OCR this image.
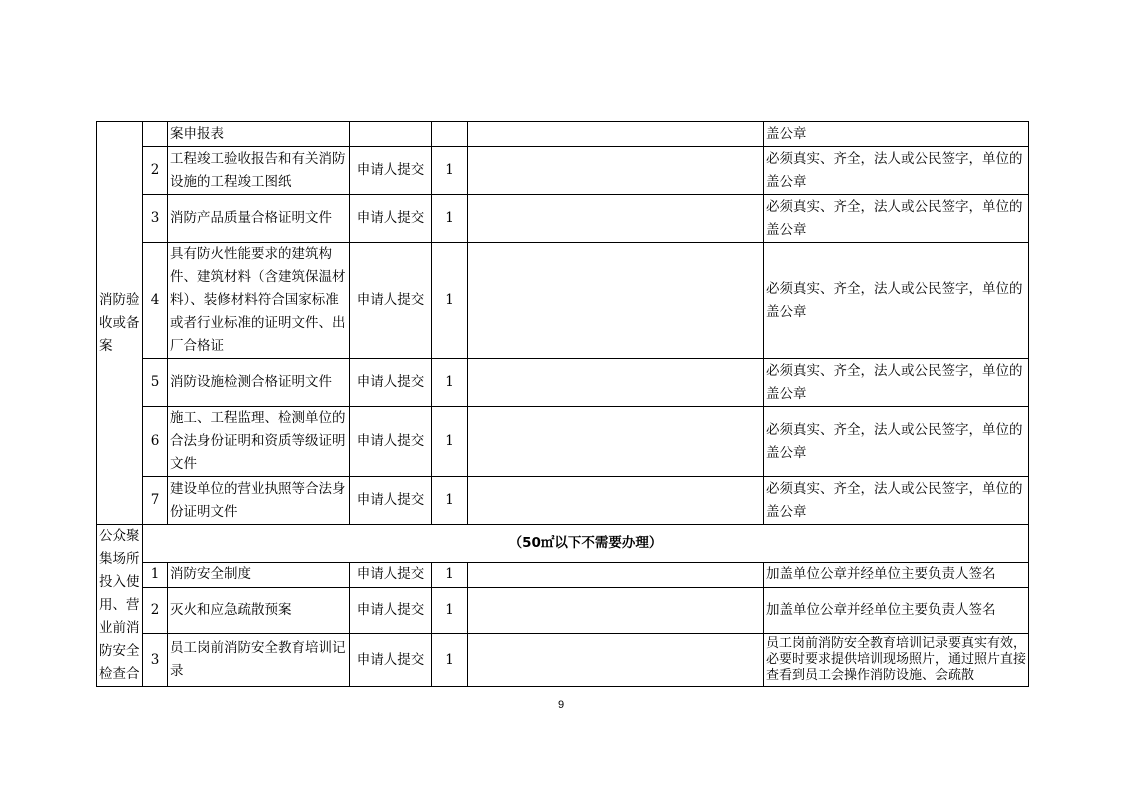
消防验收或备案		案申报表				盖公章
	2	工程竣工验收报告和有关消防设施的工程竣工图纸	申请人提交	1		必须真实、齐全，法人或公民签字，单位的盖公章
	3	消防产品质量合格证明文件	申请人提交	1		必须真实、齐全，法人或公民签字，单位的盖公章
	4	具有防火性能要求的建筑构件、建筑材料（含建筑保温材料）、装修材料符合国家标准或者行业标准的证明文件、出厂合格证	申请人提交	1		必须真实、齐全，法人或公民签字，单位的盖公章
	5	消防设施检测合格证明文件	申请人提交	1		必须真实、齐全，法人或公民签字，单位的盖公章
	6	施工、工程监理、检测单位的合法身份证明和资质等级证明文件	申请人提交	1		必须真实、齐全，法人或公民签字，单位的盖公章
	7	建设单位的营业执照等合法身份证明文件	申请人提交	1		必须真实、齐全，法人或公民签字，单位的盖公章
公众聚集场所投入使用、营业前消防安全检查合	（50㎡以下不需要办理）					
	1	消防安全制度	申请人提交	1		加盖单位公章并经单位主要负责人签名
	2	灭火和应急疏散预案	申请人提交	1		加盖单位公章并经单位主要负责人签名
	3	员工岗前消防安全教育培训记录	申请人提交	1		员工岗前消防安全教育培训记录要真实有效，必要时要求提供培训现场照片，通过照片直接查看到员工会操作消防设施、会疏散
9
